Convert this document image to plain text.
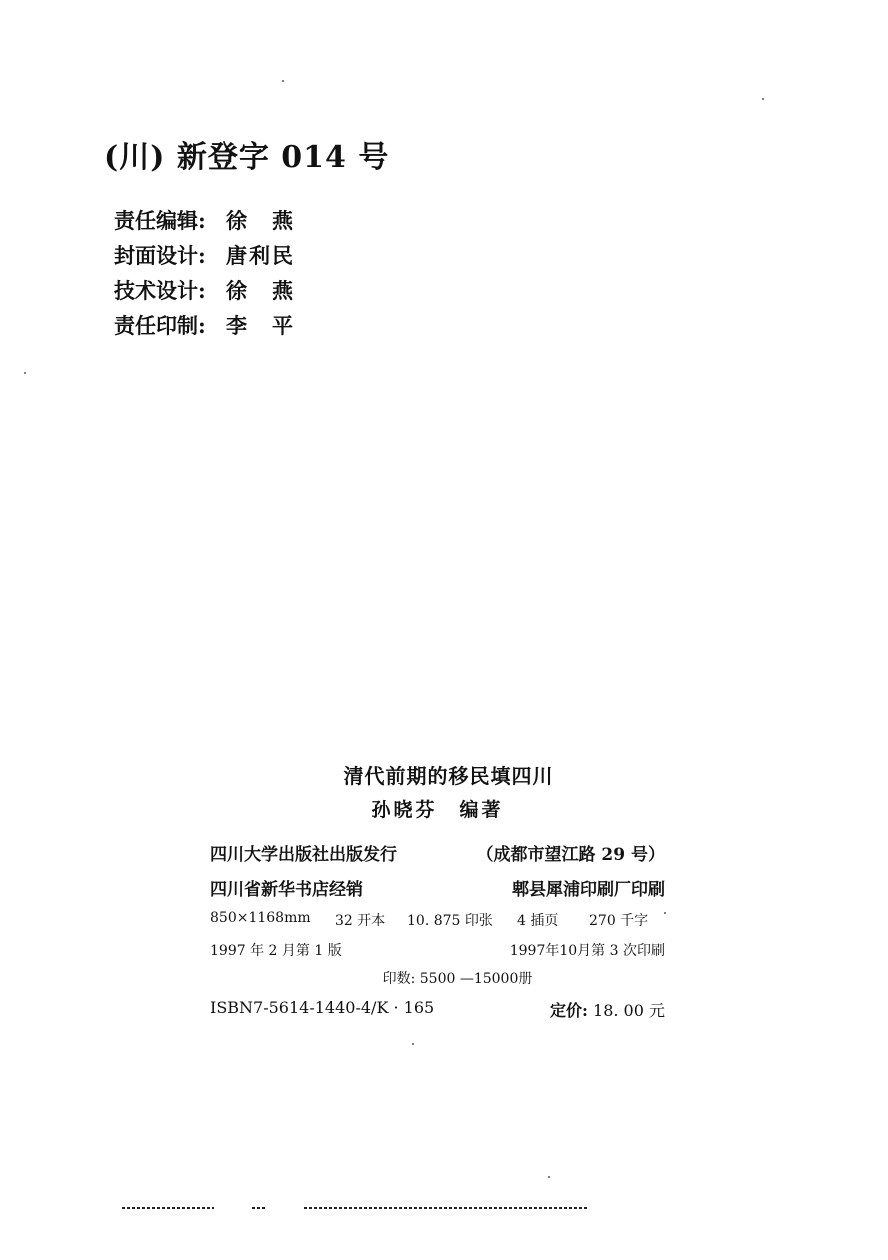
(川) 新登字 014 号
责任编辑: 徐　燕
封面设计: 唐利民
技术设计: 徐　燕
责任印制: 李　平
清代前期的移民填四川
孙晓芬　编著
四川大学出版社出版发行	（成都市望江路 29 号）
四川省新华书店经销	郫县犀浦印刷厂印刷
850×1168mm	32 开本	10. 875 印张	4 插页	270 千字
1997 年 2 月第 1 版	1997年10月第 3 次印刷
印数: 5500 —15000册
ISBN7-5614-1440-4/K · 165	定价: 18. 00 元
